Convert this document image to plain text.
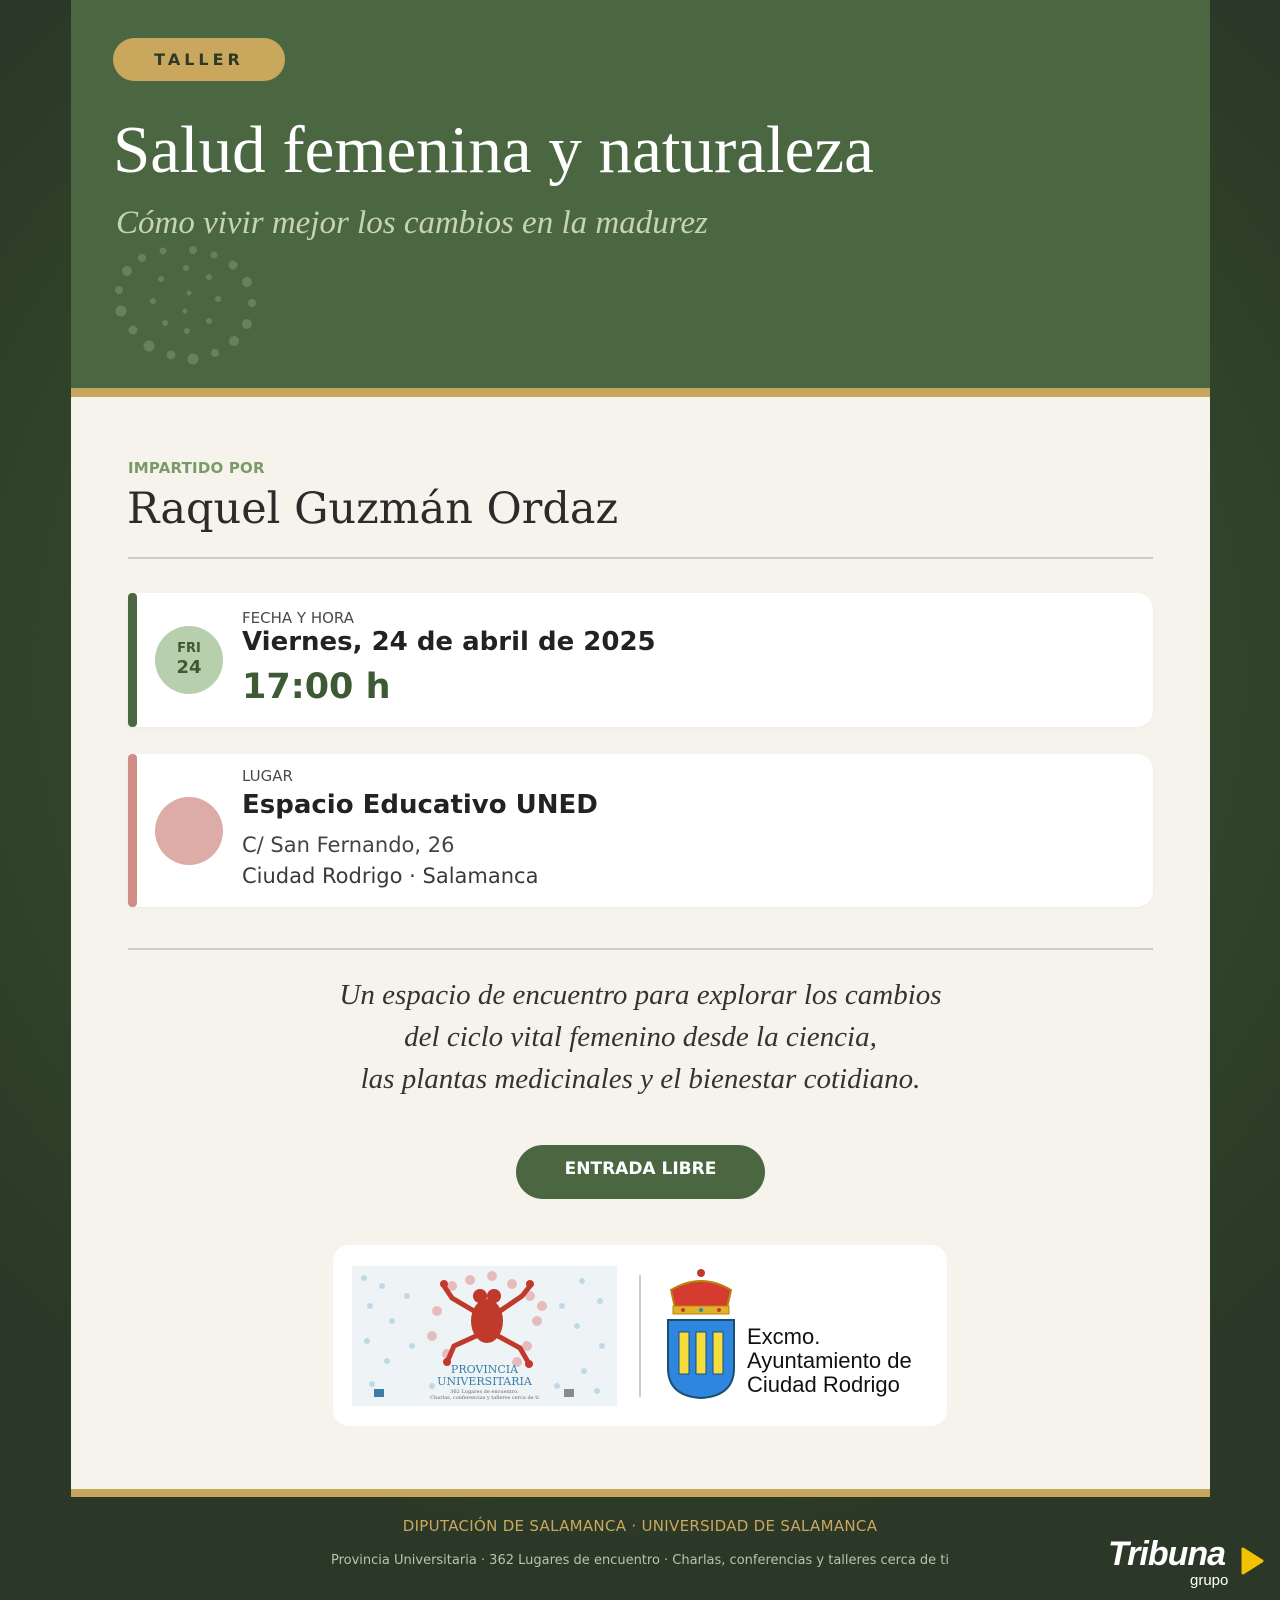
TALLER
Salud femenina y naturaleza

Cómo vivir mejor los cambios en la madurez

IMPARTIDO POR

Raquel Guzmán Ordaz
FRI
24

FECHA Y HORA

Viernes, 24 de abril de 2025

17:00 h

LUGAR

Espacio Educativo UNED

C/ San Fernando, 26

Ciudad Rodrigo · Salamanca

Un espacio de encuentro para explorar los cambios
del ciclo vital femenino desde la ciencia,
las plantas medicinales y el bienestar cotidiano.

ENTRADA LIBRE
PROVINCIA
UNIVERSITARIA
362 Lugares de encuentro.
Charlas, conferencias y talleres cerca de ti

Excmo.
Ayuntamiento de
Ciudad Rodrigo

DIPUTACIÓN DE SALAMANCA · UNIVERSIDAD DE SALAMANCA

Provincia Universitaria · 362 Lugares de encuentro · Charlas, conferencias y talleres cerca de ti	Tribuna

grupo
